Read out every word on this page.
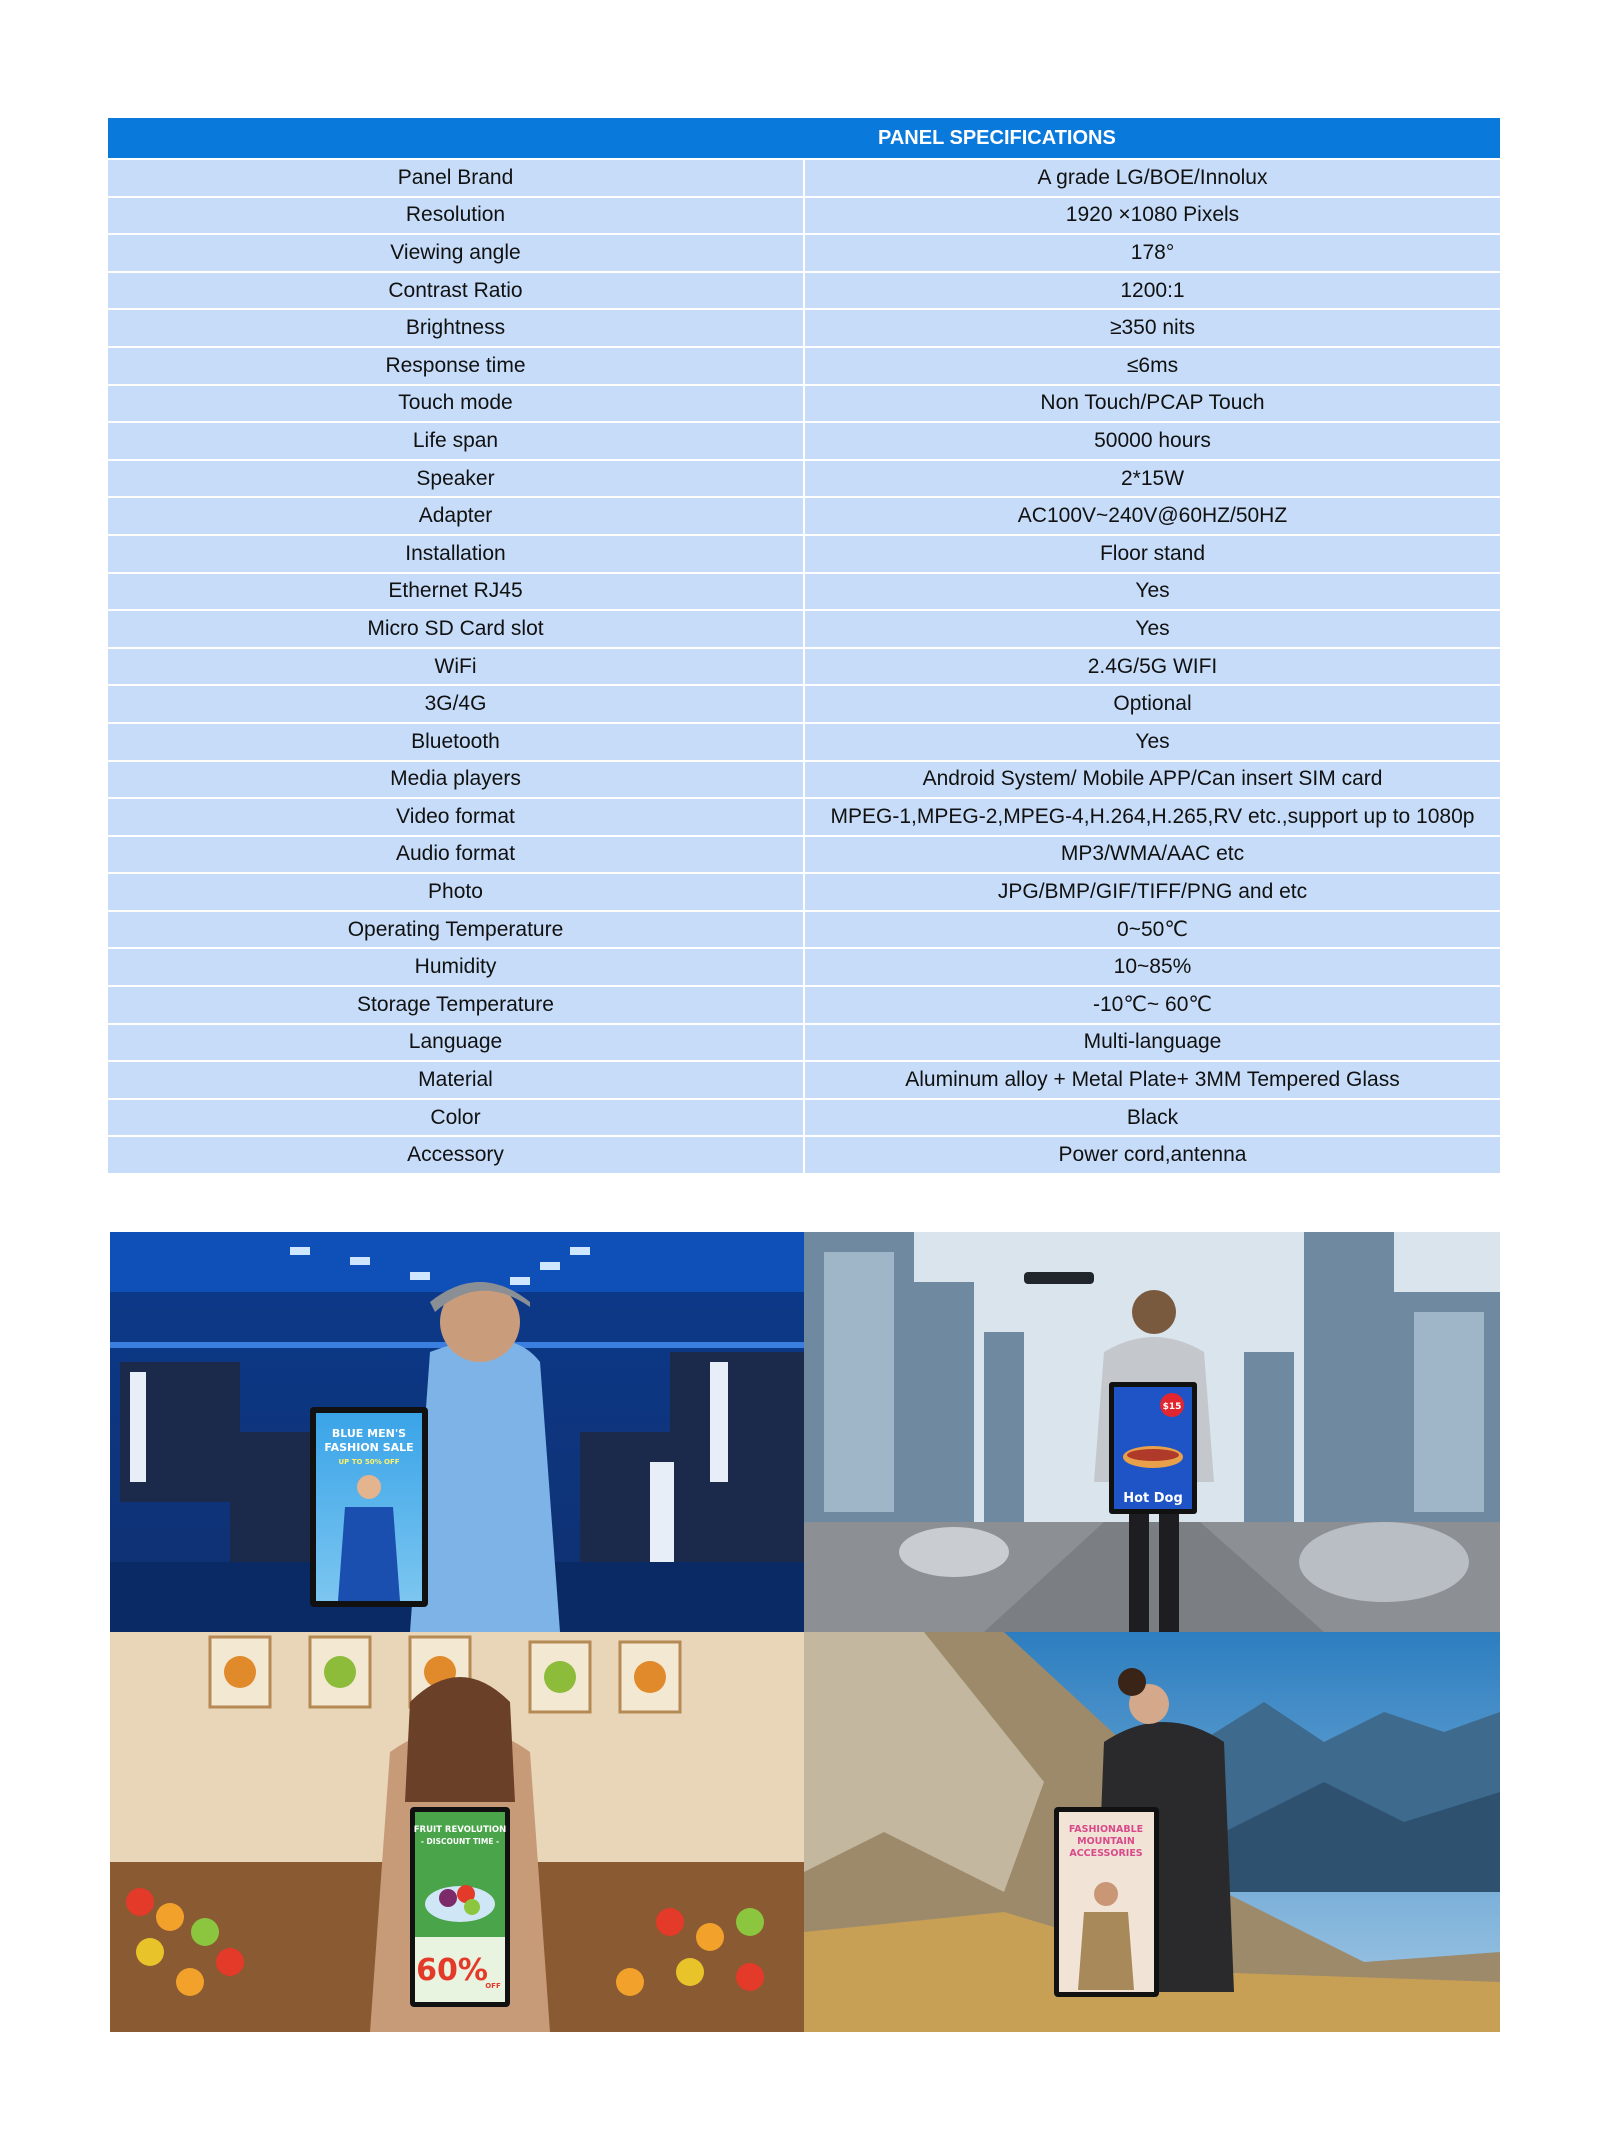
PANEL SPECIFICATIONS	
Panel Brand	A grade LG/BOE/Innolux
Resolution	1920 ×1080 Pixels
Viewing angle	178°
Contrast Ratio	1200:1
Brightness	≥350 nits
Response time	≤6ms
Touch mode	Non Touch/PCAP Touch
Life span	50000 hours
Speaker	2*15W
Adapter	AC100V~240V@60HZ/50HZ
Installation	Floor stand
Ethernet RJ45	Yes
Micro SD Card slot	Yes
WiFi	2.4G/5G WIFI
3G/4G	Optional
Bluetooth	Yes
Media players	Android System/ Mobile APP/Can insert SIM card
Video format	MPEG-1,MPEG-2,MPEG-4,H.264,H.265,RV etc.,support up to 1080p
Audio format	MP3/WMA/AAC etc
Photo	JPG/BMP/GIF/TIFF/PNG and etc
Operating Temperature	0~50℃
Humidity	10~85%
Storage Temperature	-10℃~ 60℃
Language	Multi-language
Material	Aluminum alloy + Metal Plate+ 3MM Tempered Glass
Color	Black
Accessory	Power cord,antenna
BLUE MEN'S
FASHION SALE
UP TO 50% OFF
$15
Hot Dog
FRUIT REVOLUTION
- DISCOUNT TIME -
60%
OFF
FASHIONABLE
MOUNTAIN
ACCESSORIES
